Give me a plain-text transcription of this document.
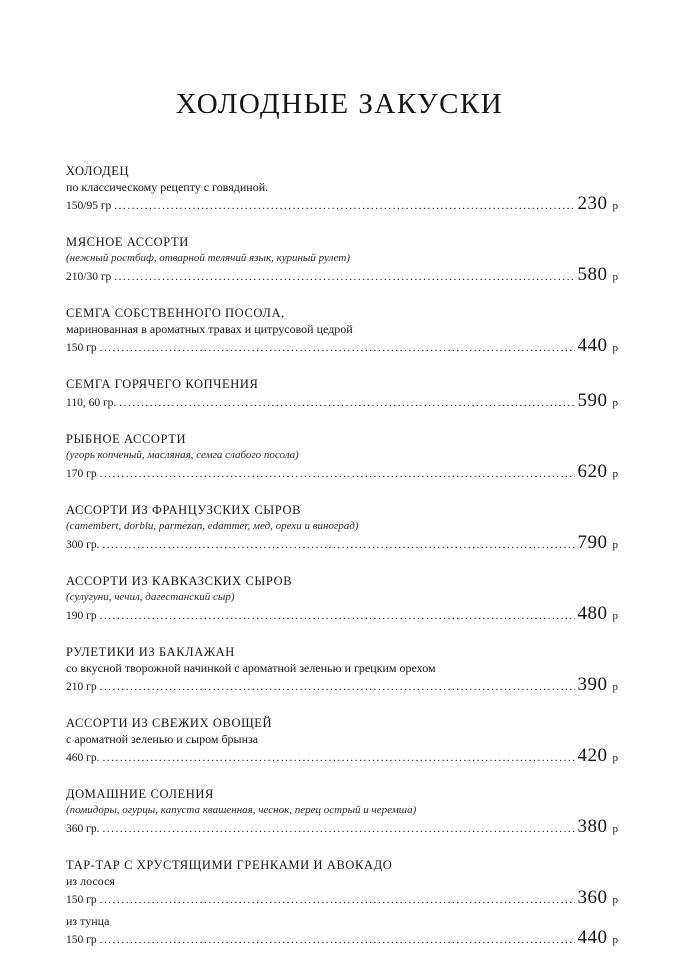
ХОЛОДНЫЕ ЗАКУСКИ
ХОЛОДЕЦ
по классическому рецепту с говядиной.
150/95 гр .....	230 р
МЯСНОЕ АССОРТИ
(нежный ростбиф, отварной телячий язык, куриный рулет)
210/30 гр .....	580 р
СЕМГА СОБСТВЕННОГО ПОСОЛА,
маринованная в ароматных травах и цитрусовой цедрой
150 гр .....	440 р
СЕМГА ГОРЯЧЕГО КОПЧЕНИЯ
110, 60 гр. .....	590 р
РЫБНОЕ АССОРТИ
(угорь копченый, масляная, семга слабого посола)
170 гр .....	620 р
АССОРТИ ИЗ ФРАНЦУЗСКИХ СЫРОВ
(camembert, dorblu, parmezan, еdammer, мед, орехи и виноград)
300 гр. .....	790 р
АССОРТИ ИЗ КАВКАЗСКИХ СЫРОВ
(сулугуни, чечил, дагестанский сыр)
190 гр .....	480 р
РУЛЕТИКИ ИЗ БАКЛАЖАН
со вкусной творожной начинкой с ароматной зеленью и грецким орехом
210 гр .....	390 р
АССОРТИ ИЗ СВЕЖИХ ОВОЩЕЙ
с ароматной зеленью и сыром брынза
460 гр. .....	420 р
ДОМАШНИЕ СОЛЕНИЯ
(помидоры, огурцы, капуста квашенная, чеснок, перец острый и черемша)
360 гр. .....	380 р
ТАР-ТАР С ХРУСТЯЩИМИ ГРЕНКАМИ И АВОКАДО
из лосося
150 гр .....	360 р
из тунца
150 гр .....	440 р
